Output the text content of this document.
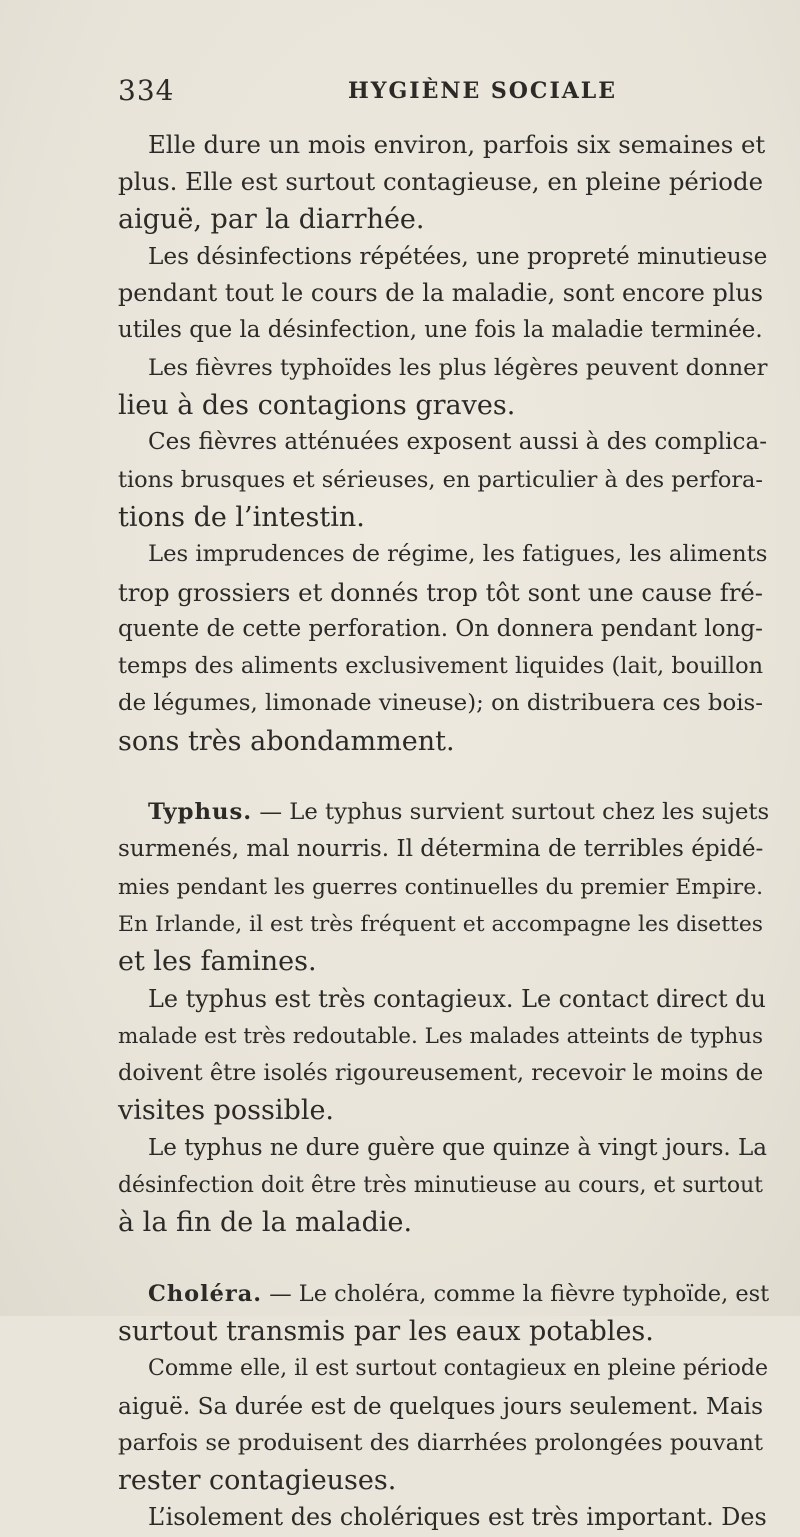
334	HYGIÈNE SOCIALE
Elle dure un mois environ, parfois six semaines et
plus. Elle est surtout contagieuse, en pleine période
aiguë, par la diarrhée.
Les désinfections répétées, une propreté minutieuse
pendant tout le cours de la maladie, sont encore plus
utiles que la désinfection, une fois la maladie terminée.
Les fièvres typhoïdes les plus légères peuvent donner
lieu à des contagions graves.
Ces fièvres atténuées exposent aussi à des complica-
tions brusques et sérieuses, en particulier à des perfora-
tions de l’intestin.
Les imprudences de régime, les fatigues, les aliments
trop grossiers et donnés trop tôt sont une cause fré-
quente de cette perforation. On donnera pendant long-
temps des aliments exclusivement liquides (lait, bouillon
de légumes, limonade vineuse); on distribuera ces bois-
sons très abondamment.
Typhus. — Le typhus survient surtout chez les sujets
surmenés, mal nourris. Il détermina de terribles épidé-
mies pendant les guerres continuelles du premier Empire.
En Irlande, il est très fréquent et accompagne les disettes
et les famines.
Le typhus est très contagieux. Le contact direct du
malade est très redoutable. Les malades atteints de typhus
doivent être isolés rigoureusement, recevoir le moins de
visites possible.
Le typhus ne dure guère que quinze à vingt jours. La
désinfection doit être très minutieuse au cours, et surtout
à la fin de la maladie.
Choléra. — Le choléra, comme la fièvre typhoïde, est
surtout transmis par les eaux potables.
Comme elle, il est surtout contagieux en pleine période
aiguë. Sa durée est de quelques jours seulement. Mais
parfois se produisent des diarrhées prolongées pouvant
rester contagieuses.
L’isolement des cholériques est très important. Des
